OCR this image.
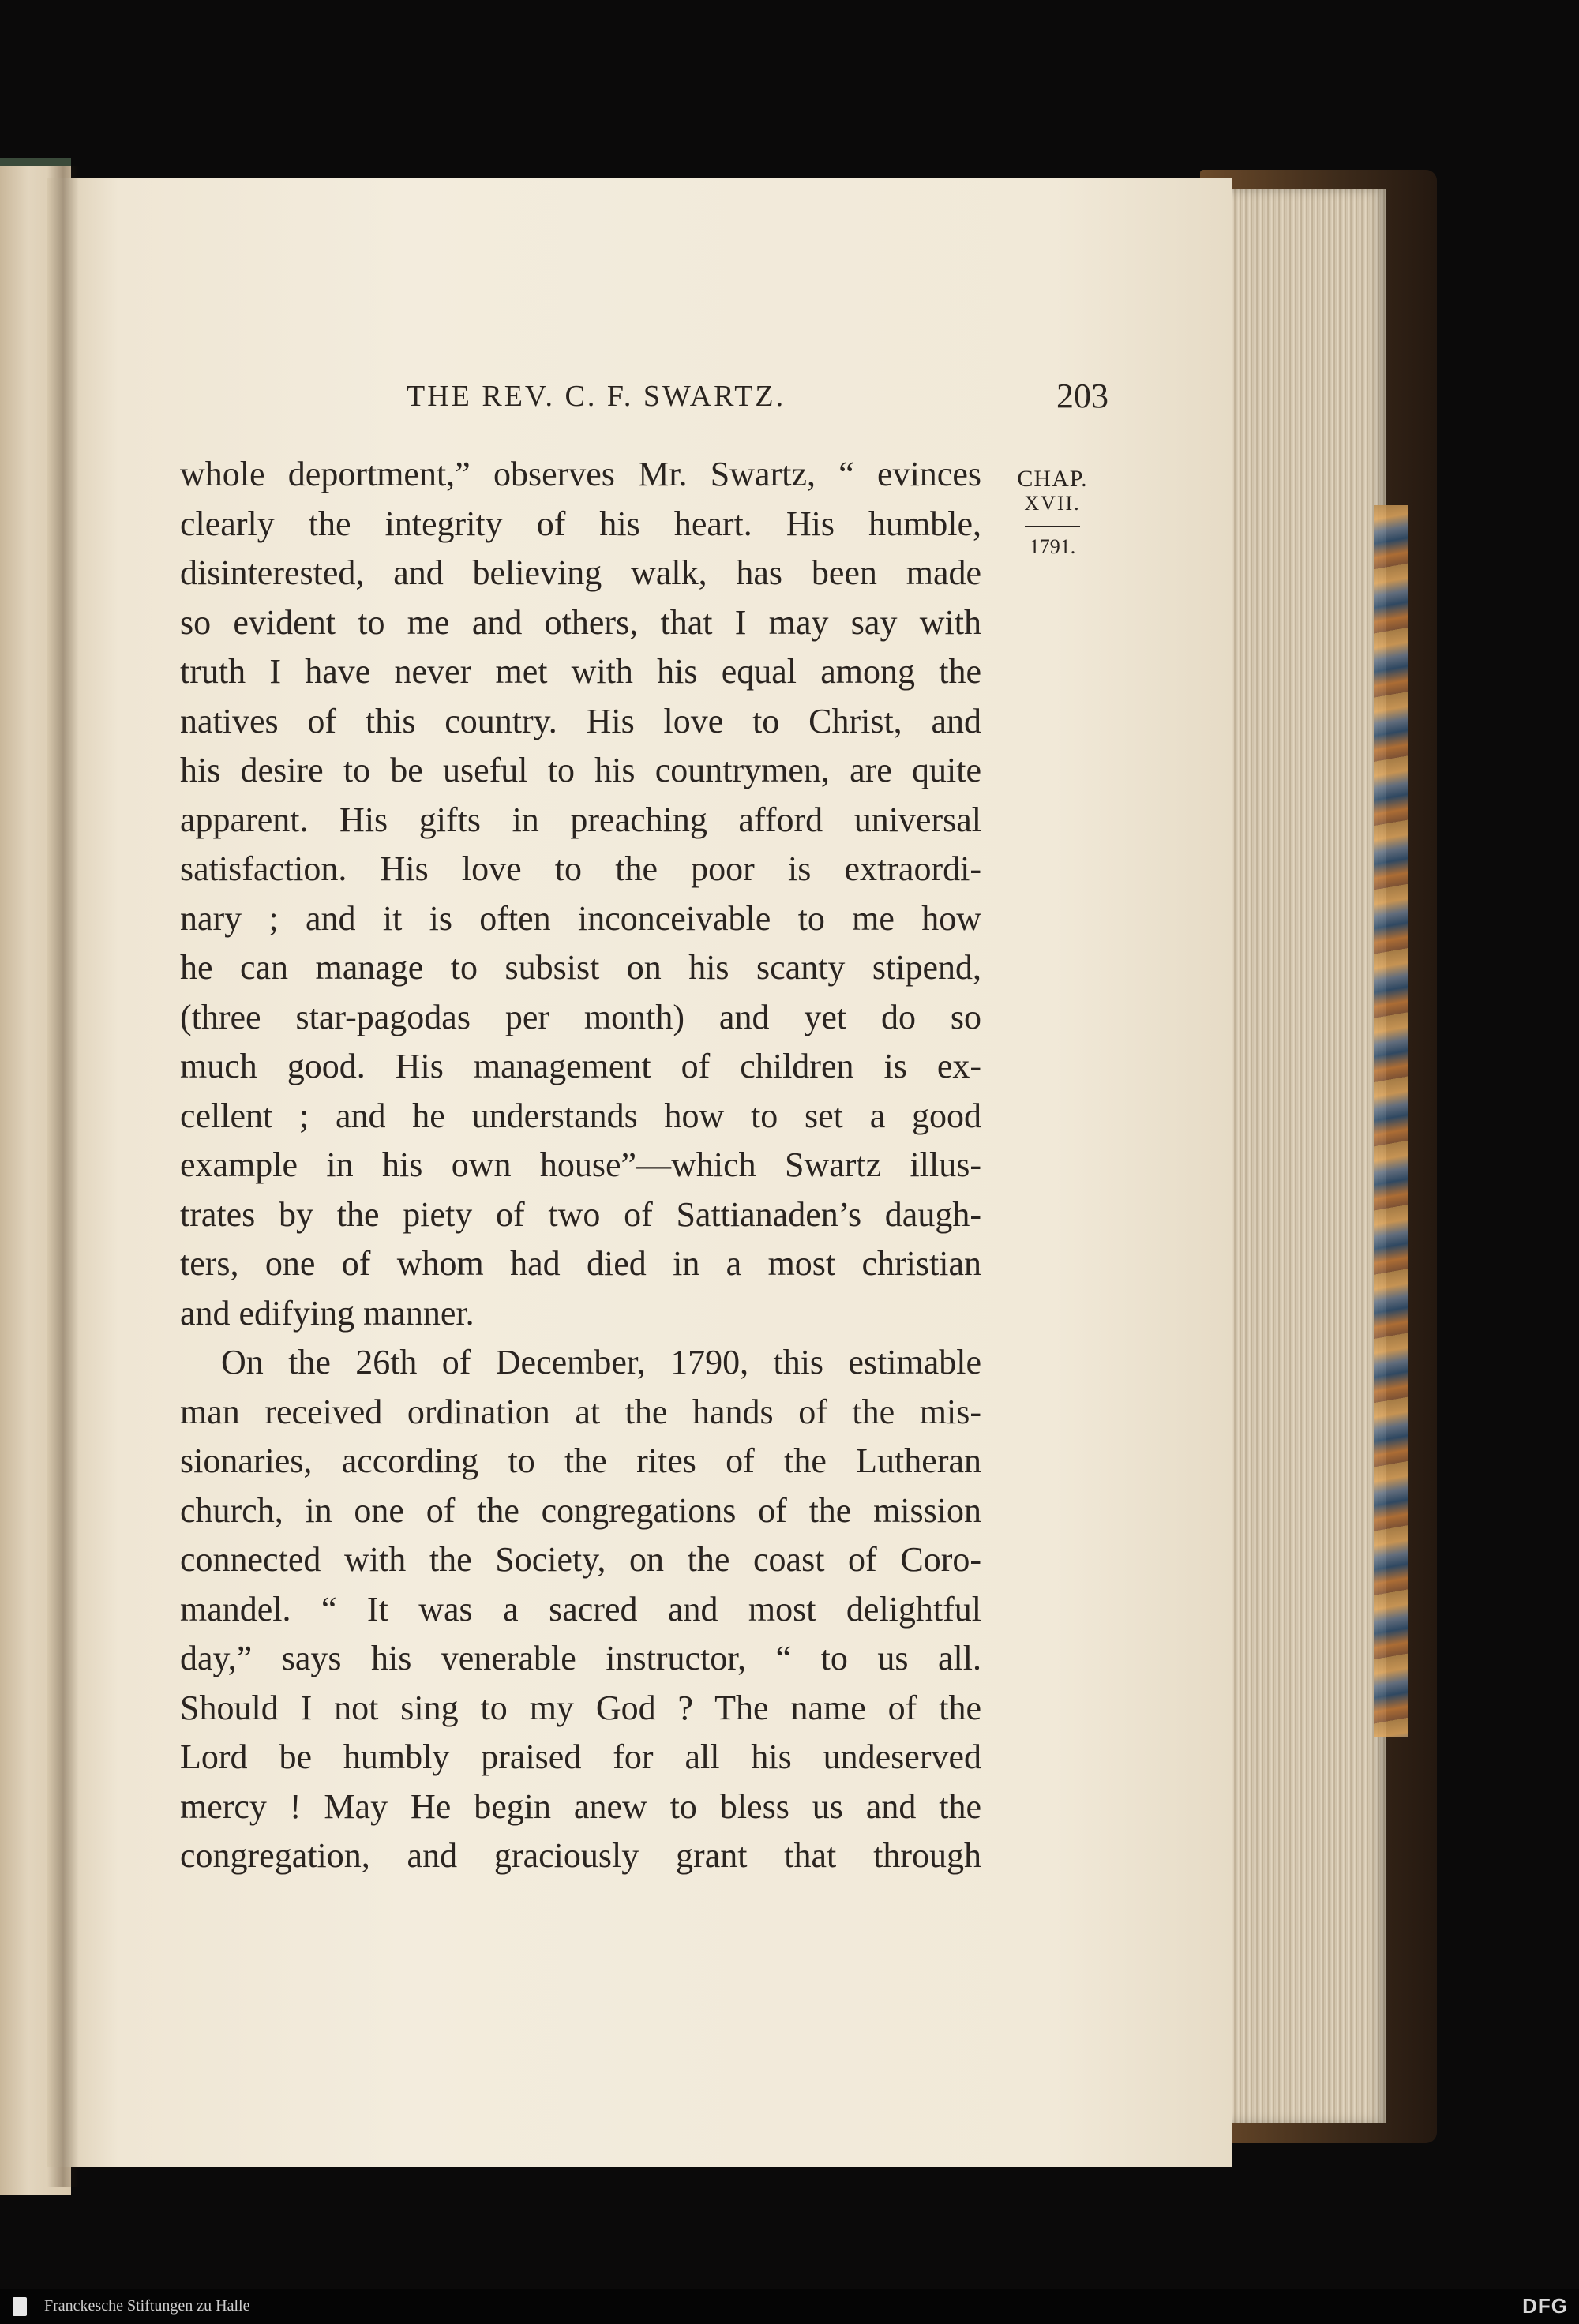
THE REV. C. F. SWARTZ.	203
CHAP.
XVII.
1791.
whole deportment,” observes Mr. Swartz, “ evinces
clearly the integrity of his heart. His humble,
disinterested, and believing walk, has been made
so evident to me and others, that I may say with
truth I have never met with his equal among the
natives of this country. His love to Christ, and
his desire to be useful to his countrymen, are quite
apparent. His gifts in preaching afford universal
satisfaction. His love to the poor is extraordi-
nary ; and it is often inconceivable to me how
he can manage to subsist on his scanty stipend,
(three star-pagodas per month) and yet do so
much good. His management of children is ex-
cellent ; and he understands how to set a good
example in his own house”—which Swartz illus-
trates by the piety of two of Sattianaden’s daugh-
ters, one of whom had died in a most christian
and edifying manner.
On the 26th of December, 1790, this estimable
man received ordination at the hands of the mis-
sionaries, according to the rites of the Lutheran
church, in one of the congregations of the mission
connected with the Society, on the coast of Coro-
mandel. “ It was a sacred and most delightful
day,” says his venerable instructor, “ to us all.
Should I not sing to my God ? The name of the
Lord be humbly praised for all his undeserved
mercy ! May He begin anew to bless us and the
congregation, and graciously grant that through
Franckesche Stiftungen zu Halle	DFG
